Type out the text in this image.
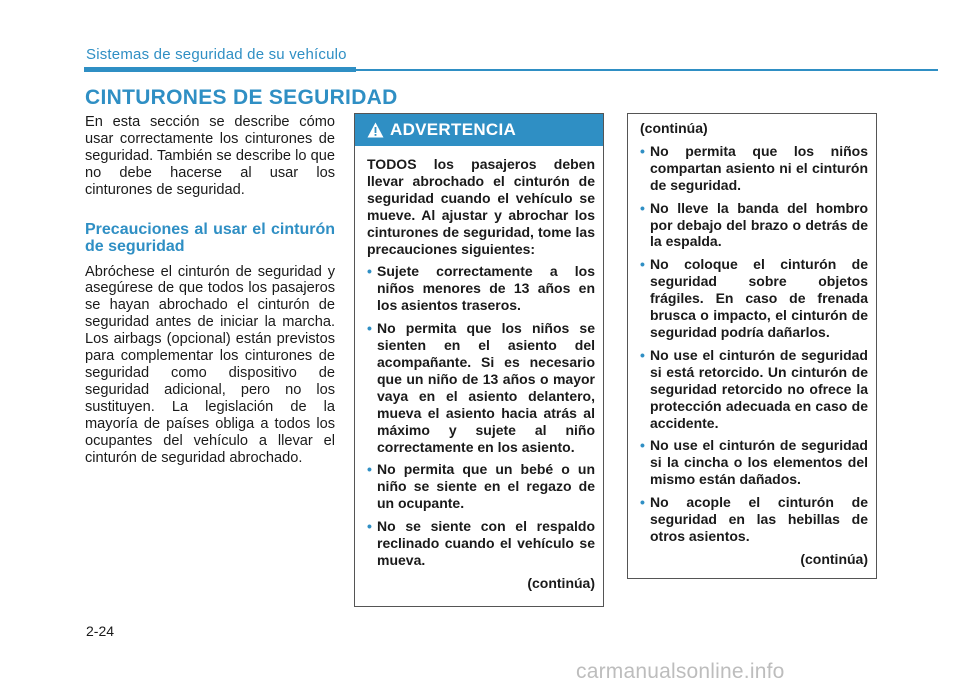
Sistemas de seguridad de su vehículo
CINTURONES DE SEGURIDAD

En esta sección se describe cómo usar correctamente los cinturones de seguridad. También se describe lo que no debe hacerse al usar los cinturones de seguridad.

Precauciones al usar el cinturón de seguridad

Abróchese el cinturón de seguridad y asegúrese de que todos los pasajeros se hayan abrochado el cinturón de seguridad antes de iniciar la marcha. Los airbags (opcional) están previstos para complementar los cinturones de seguridad como dispositivo de seguridad adicional, pero no los sustituyen. La legislación de la mayoría de países obliga a todos los ocupantes del vehículo a llevar el cinturón de seguridad abrochado.

ADVERTENCIA

TODOS los pasajeros deben llevar abrochado el cinturón de seguridad cuando el vehículo se mueve. Al ajustar y abrochar los cinturones de seguridad, tome las precauciones siguientes:

• Sujete correctamente a los niños menores de 13 años en los asientos traseros.
• No permita que los niños se sienten en el asiento del acompañante. Si es necesario que un niño de 13 años o mayor vaya en el asiento delantero, mueva el asiento hacia atrás al máximo y sujete al niño correctamente en los asiento.
• No permita que un bebé o un niño se siente en el regazo de un ocupante.
• No se siente con el respaldo reclinado cuando el vehículo se mueva.
(continúa)

(continúa)

• No permita que los niños compartan asiento ni el cinturón de seguridad.
• No lleve la banda del hombro por debajo del brazo o detrás de la espalda.
• No coloque el cinturón de seguridad sobre objetos frágiles. En caso de frenada brusca o impacto, el cinturón de seguridad podría dañarlos.
• No use el cinturón de seguridad si está retorcido. Un cinturón de seguridad retorcido no ofrece la protección adecuada en caso de accidente.
• No use el cinturón de seguridad si la cincha o los elementos del mismo están dañados.
• No acople el cinturón de seguridad en las hebillas de otros asientos.
(continúa)
2-24
carmanualsonline.info
